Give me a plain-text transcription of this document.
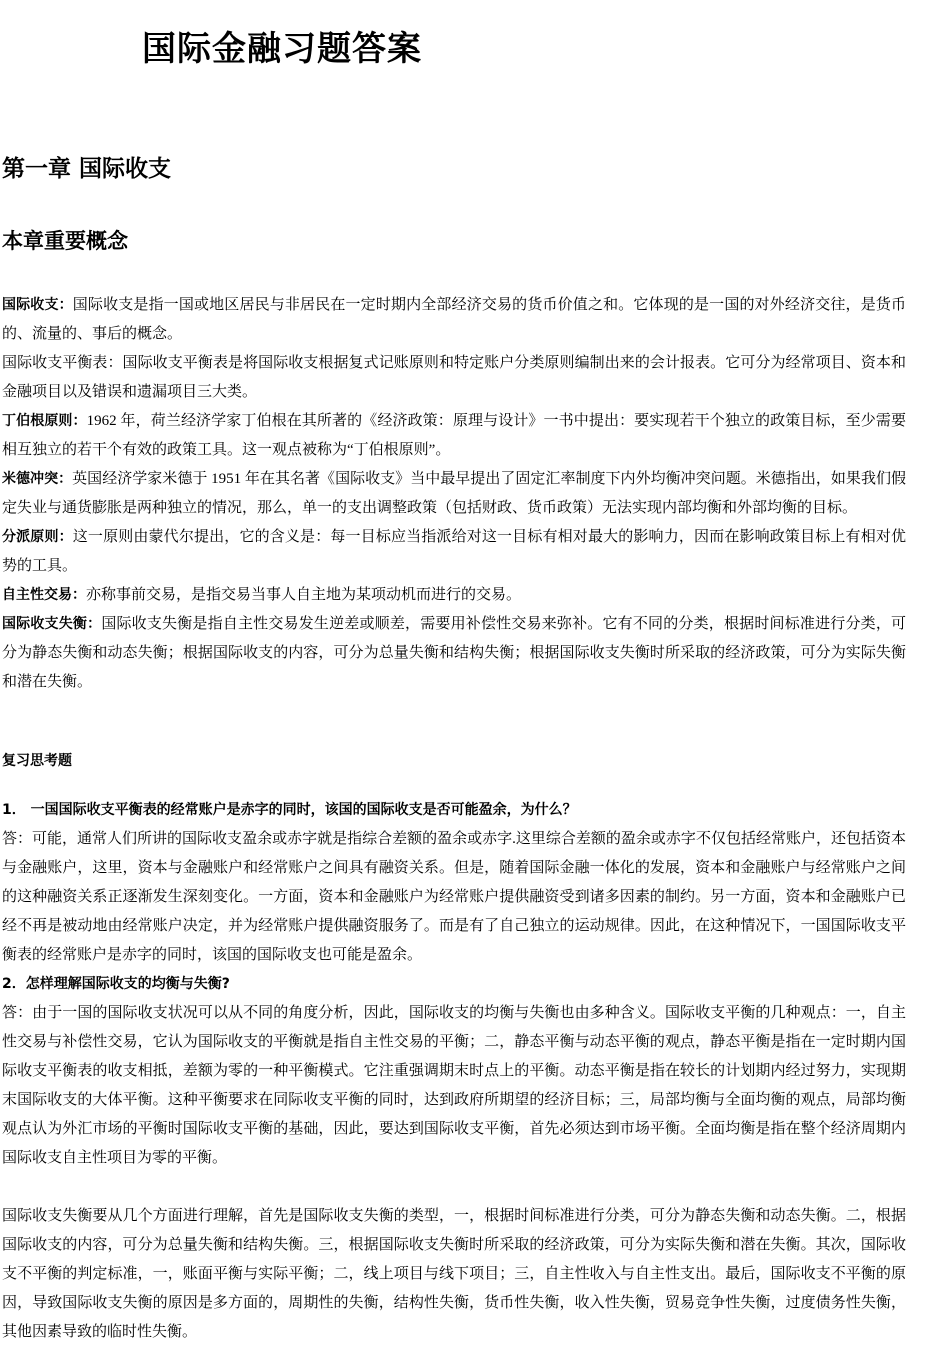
国际金融习题答案
第一章 国际收支
本章重要概念

国际收支：国际收支是指一国或地区居民与非居民在一定时期内全部经济交易的货币价值之和。它体现的是一国的对外经济交往，是货币的、流量的、事后的概念。

国际收支平衡表：国际收支平衡表是将国际收支根据复式记账原则和特定账户分类原则编制出来的会计报表。它可分为经常项目、资本和金融项目以及错误和遗漏项目三大类。

丁伯根原则：1962 年，荷兰经济学家丁伯根在其所著的《经济政策：原理与设计》一书中提出：要实现若干个独立的政策目标，至少需要相互独立的若干个有效的政策工具。这一观点被称为“丁伯根原则”。

米德冲突：英国经济学家米德于 1951 年在其名著《国际收支》当中最早提出了固定汇率制度下内外均衡冲突问题。米德指出，如果我们假定失业与通货膨胀是两种独立的情况，那么，单一的支出调整政策（包括财政、货币政策）无法实现内部均衡和外部均衡的目标。

分派原则：这一原则由蒙代尔提出，它的含义是：每一目标应当指派给对这一目标有相对最大的影响力，因而在影响政策目标上有相对优势的工具。

自主性交易：亦称事前交易，是指交易当事人自主地为某项动机而进行的交易。

国际收支失衡：国际收支失衡是指自主性交易发生逆差或顺差，需要用补偿性交易来弥补。它有不同的分类，根据时间标准进行分类，可分为静态失衡和动态失衡；根据国际收支的内容，可分为总量失衡和结构失衡；根据国际收支失衡时所采取的经济政策，可分为实际失衡和潜在失衡。

复习思考题

1． 一国国际收支平衡表的经常账户是赤字的同时，该国的国际收支是否可能盈余，为什么？

答：可能，通常人们所讲的国际收支盈余或赤字就是指综合差额的盈余或赤字.这里综合差额的盈余或赤字不仅包括经常账户，还包括资本与金融账户，这里，资本与金融账户和经常账户之间具有融资关系。但是，随着国际金融一体化的发展，资本和金融账户与经常账户之间的这种融资关系正逐渐发生深刻变化。一方面，资本和金融账户为经常账户提供融资受到诸多因素的制约。另一方面，资本和金融账户已经不再是被动地由经常账户决定，并为经常账户提供融资服务了。而是有了自己独立的运动规律。因此，在这种情况下，一国国际收支平衡表的经常账户是赤字的同时，该国的国际收支也可能是盈余。

2．怎样理解国际收支的均衡与失衡?

答：由于一国的国际收支状况可以从不同的角度分析，因此，国际收支的均衡与失衡也由多种含义。国际收支平衡的几种观点：一，自主性交易与补偿性交易，它认为国际收支的平衡就是指自主性交易的平衡；二，静态平衡与动态平衡的观点，静态平衡是指在一定时期内国际收支平衡表的收支相抵，差额为零的一种平衡模式。它注重强调期末时点上的平衡。动态平衡是指在较长的计划期内经过努力，实现期末国际收支的大体平衡。这种平衡要求在同际收支平衡的同时，达到政府所期望的经济目标；三，局部均衡与全面均衡的观点，局部均衡观点认为外汇市场的平衡时国际收支平衡的基础，因此，要达到国际收支平衡，首先必须达到市场平衡。全面均衡是指在整个经济周期内国际收支自主性项目为零的平衡。

国际收支失衡要从几个方面进行理解，首先是国际收支失衡的类型，一，根据时间标准进行分类，可分为静态失衡和动态失衡。二，根据国际收支的内容，可分为总量失衡和结构失衡。三，根据国际收支失衡时所采取的经济政策，可分为实际失衡和潜在失衡。其次，国际收支不平衡的判定标准，一，账面平衡与实际平衡；二，线上项目与线下项目；三，自主性收入与自主性支出。最后，国际收支不平衡的原因，导致国际收支失衡的原因是多方面的，周期性的失衡，结构性失衡，货币性失衡，收入性失衡，贸易竞争性失衡，过度债务性失衡，其他因素导致的临时性失衡。
